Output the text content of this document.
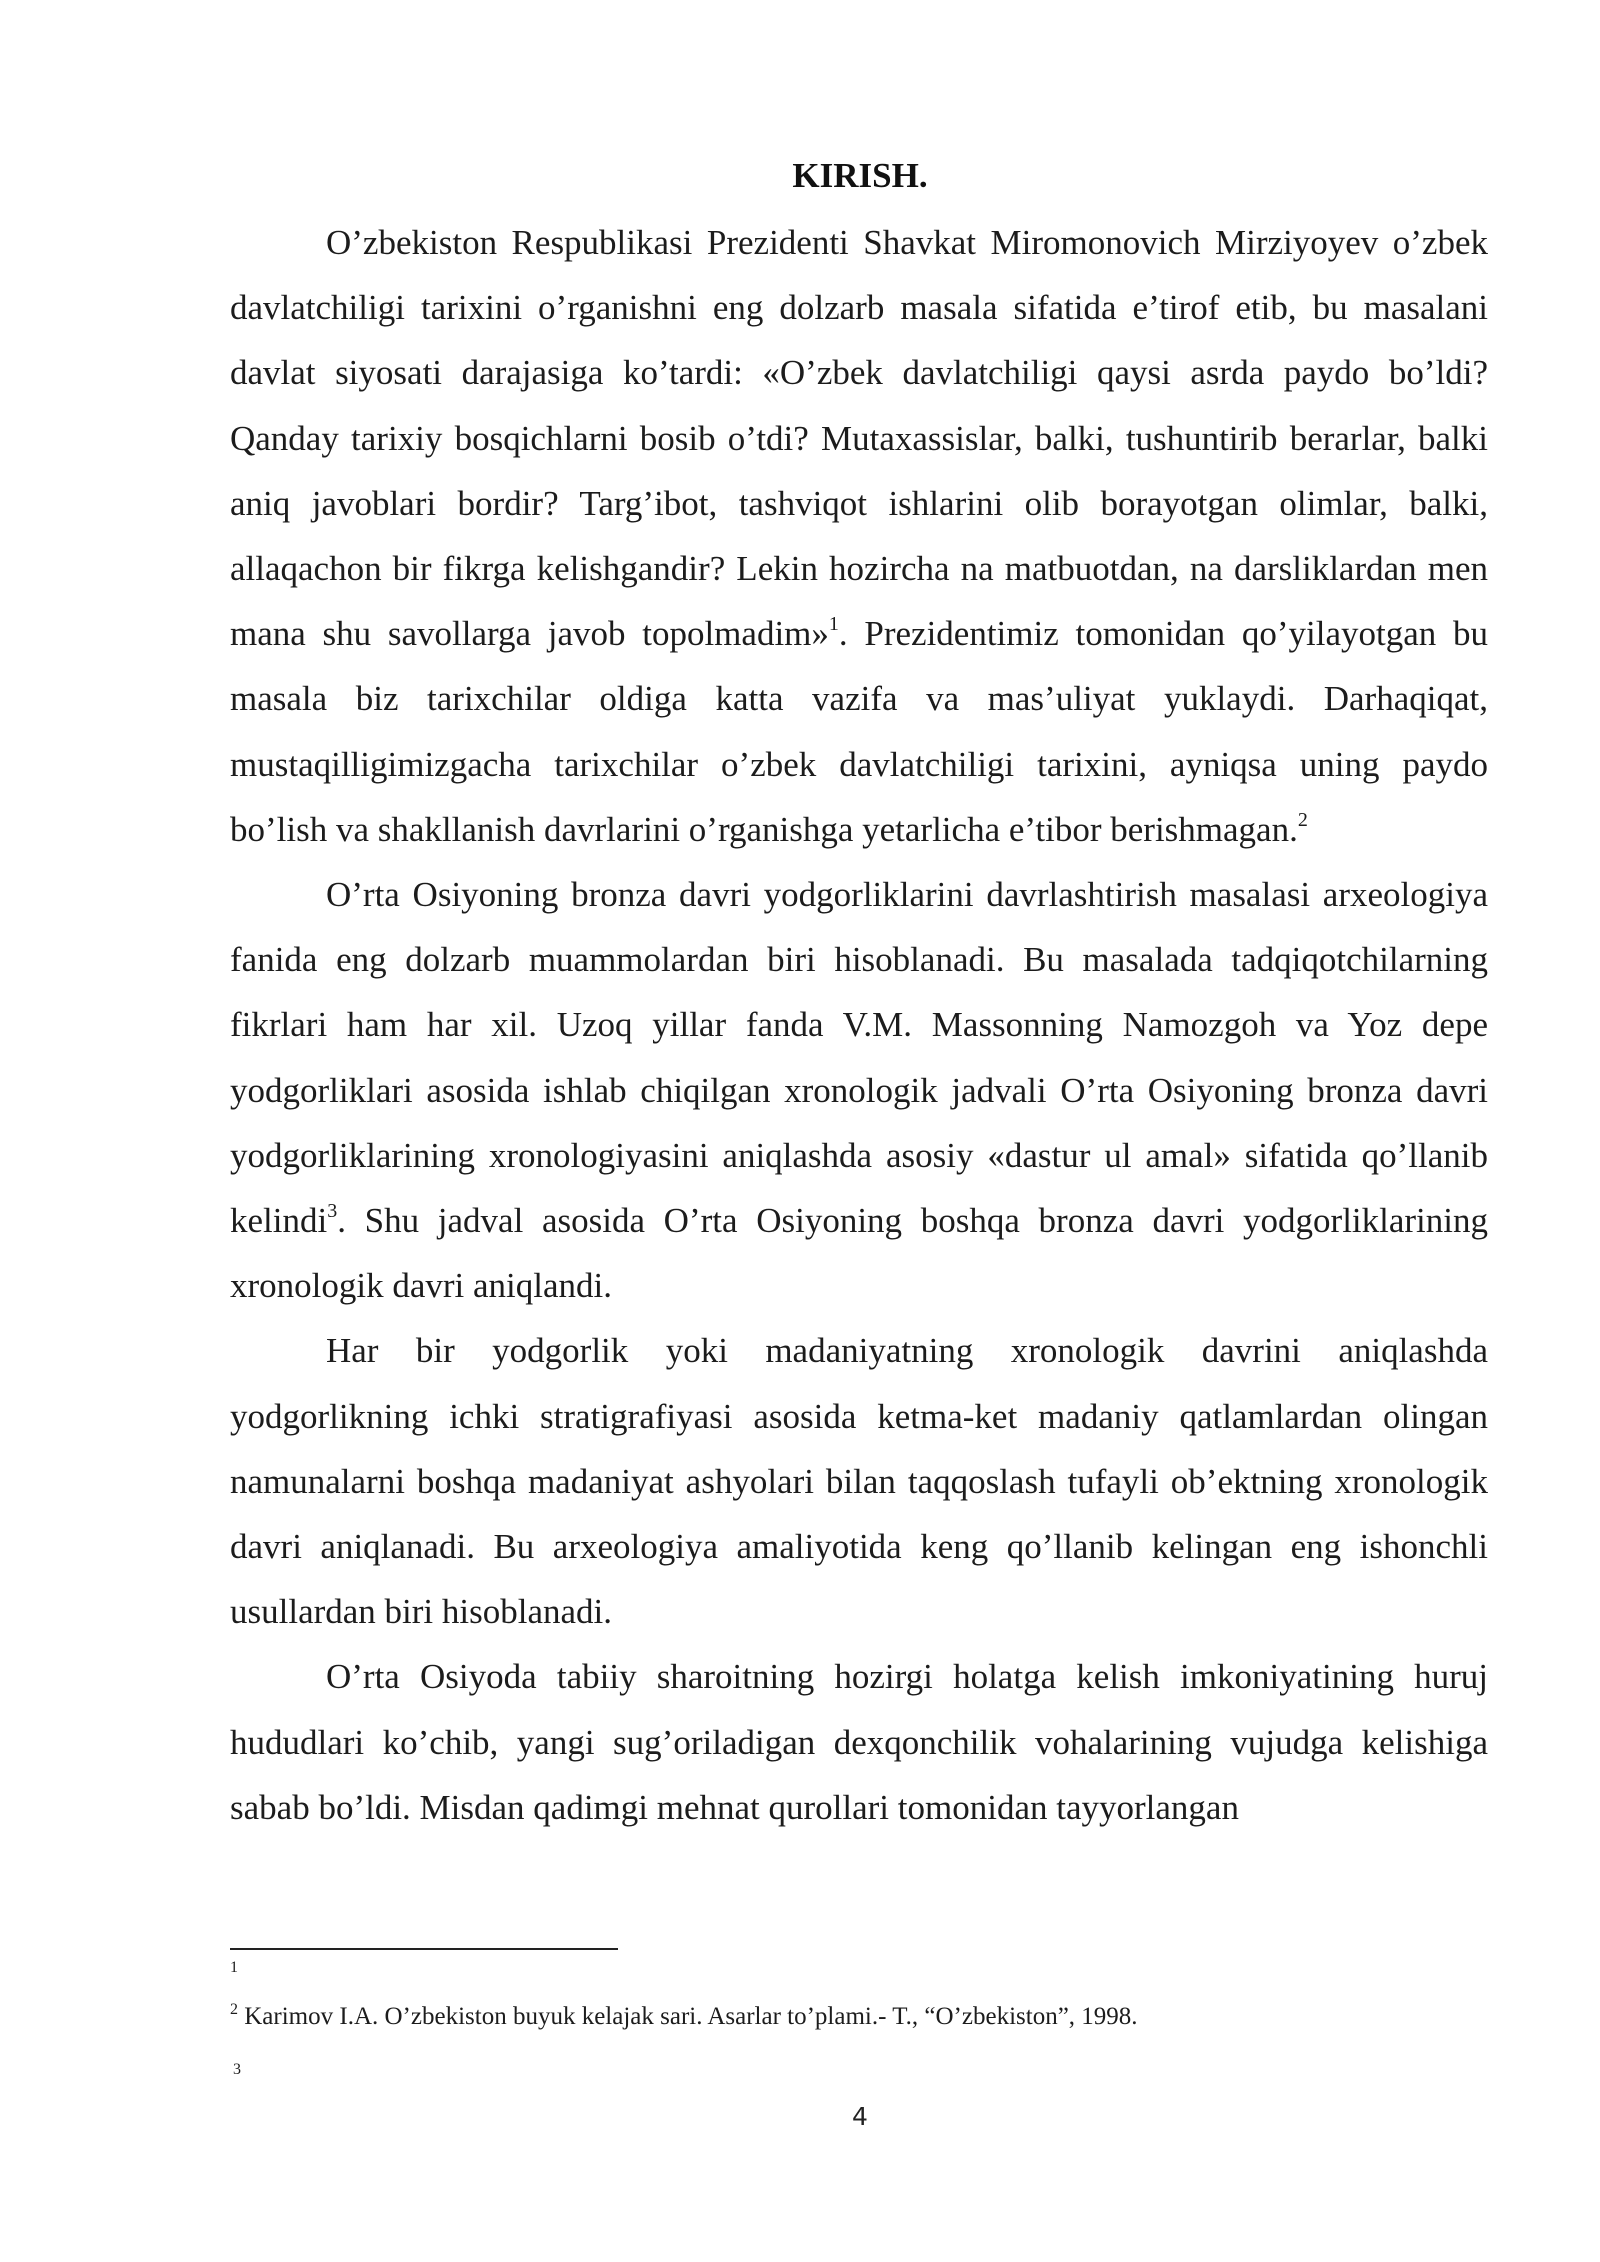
KIRISH.

O’zbekiston Respublikasi Prezidenti Shavkat Miromonovich Mirziyoyev o’zbek davlatchiligi tarixini o’rganishni eng dolzarb masala sifatida e’tirof etib, bu masalani davlat siyosati darajasiga ko’tardi: «O’zbek davlatchiligi qaysi asrda paydo bo’ldi? Qanday tarixiy bosqichlarni bosib o’tdi? Mutaxassislar, balki, tushuntirib berarlar, balki aniq javoblari bordir? Targ’ibot, tashviqot ishlarini olib borayotgan olimlar, balki, allaqachon bir fikrga kelishgandir? Lekin hozircha na matbuotdan, na darsliklardan men mana shu savollarga javob topolmadim»$^1$. Prezidentimiz tomonidan qo’yilayotgan bu masala biz tarixchilar oldiga katta vazifa va mas’uliyat yuklaydi. Darhaqiqat, mustaqilligimizgacha tarixchilar o’zbek davlatchiligi tarixini, ayniqsa uning paydo bo’lish va shakllanish davrlarini o’rganishga yetarlicha e’tibor berishmagan.$^2$

O’rta Osiyoning bronza davri yodgorliklarini davrlashtirish masalasi arxeologiya fanida eng dolzarb muammolardan biri hisoblanadi. Bu masalada tadqiqotchilarning fikrlari ham har xil. Uzoq yillar fanda V.M. Massonning Namozgoh va Yoz depe yodgorliklari asosida ishlab chiqilgan xronologik jadvali O’rta Osiyoning bronza davri yodgorliklarining xronologiyasini aniqlashda asosiy «dastur ul amal» sifatida qo’llanib kelindi$^3$. Shu jadval asosida O’rta Osiyoning boshqa bronza davri yodgorliklarining xronologik davri aniqlandi.

Har bir yodgorlik yoki madaniyatning xronologik davrini aniqlashda yodgorlikning ichki stratigrafiyasi asosida ketma-ket madaniy qatlamlardan olingan namunalarni boshqa madaniyat ashyolari bilan taqqoslash tufayli ob’ektning xronologik davri aniqlanadi. Bu arxeologiya amaliyotida keng qo’llanib kelingan eng ishonchli usullardan biri hisoblanadi.

O’rta Osiyoda tabiiy sharoitning hozirgi holatga kelish imkoniyatining huruj hududlari ko’chib, yangi sug’oriladigan dexqonchilik vohalarining vujudga kelishiga sabab bo’ldi. Misdan qadimgi mehnat qurollari tomonidan tayyorlangan

$^1$
$^2$ Karimov I.A. O’zbekiston buyuk kelajak sari. Asarlar to’plami.- T., “O’zbekiston”, 1998.
$^3$
4
